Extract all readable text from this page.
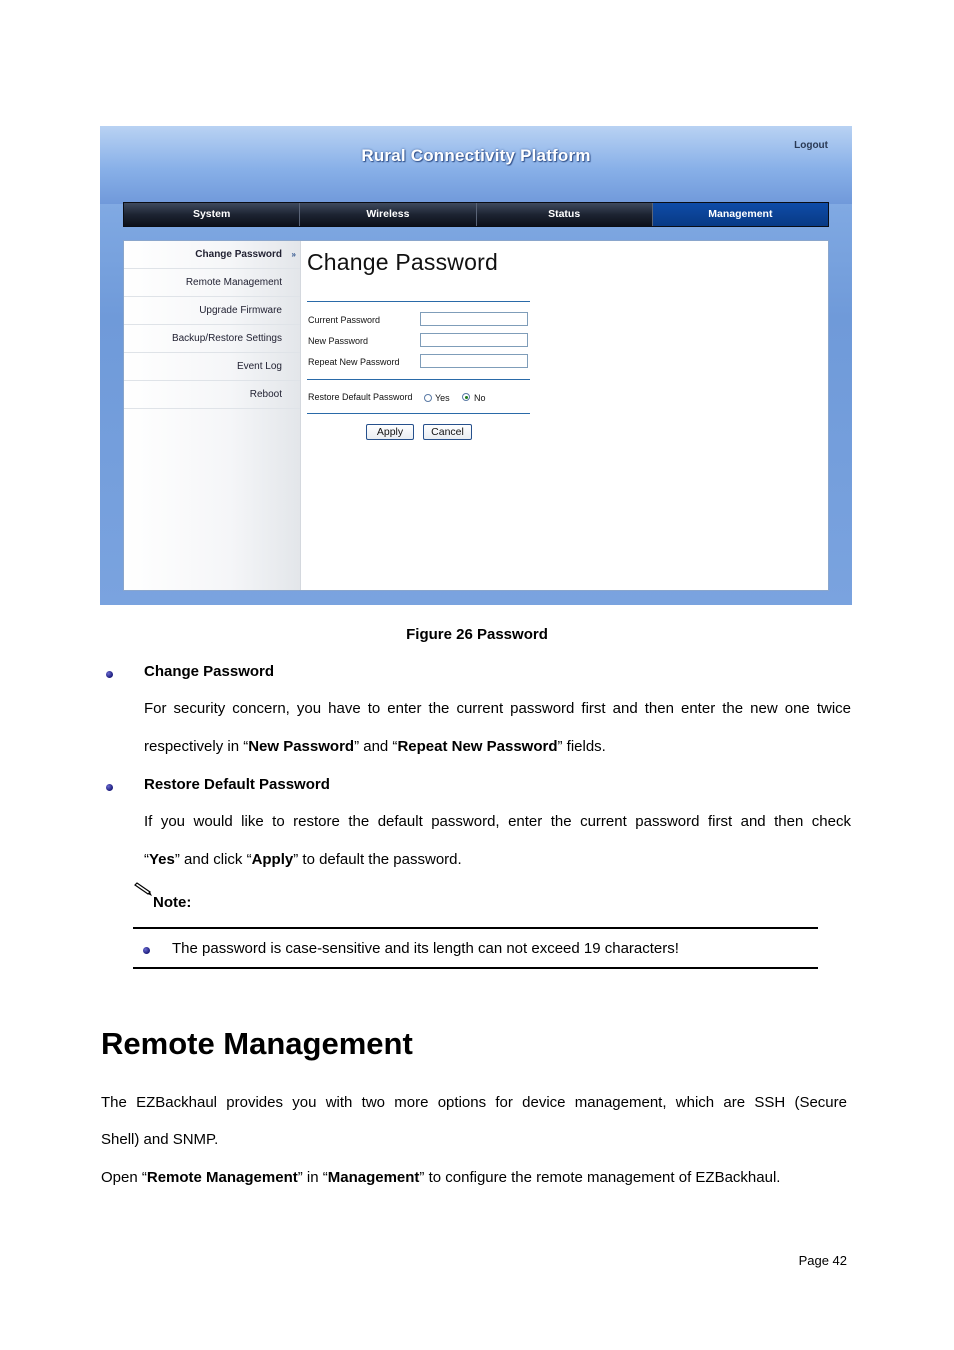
Rural Connectivity Platform
Logout
System	Wireless	Status	Management
Change Password »
Remote Management
Upgrade Firmware
Backup/Restore Settings
Event Log
Reboot
Change Password
Current Password
New Password
Repeat New Password
Restore Default Password Yes	No
Apply	Cancel
Figure 26 Password
Change Password
For security concern, you have to enter the current password first and then enter the new one twice
respectively in “New Password” and “Repeat New Password” fields.
Restore Default Password
If you would like to restore the default password, enter the current password first and then check
“Yes” and click “Apply” to default the password.
Note:
The password is case-sensitive and its length can not exceed 19 characters!
Remote Management
The EZBackhaul provides you with two more options for device management, which are SSH (Secure
Shell) and SNMP.
Open “Remote Management” in “Management” to configure the remote management of EZBackhaul.
Page 42
